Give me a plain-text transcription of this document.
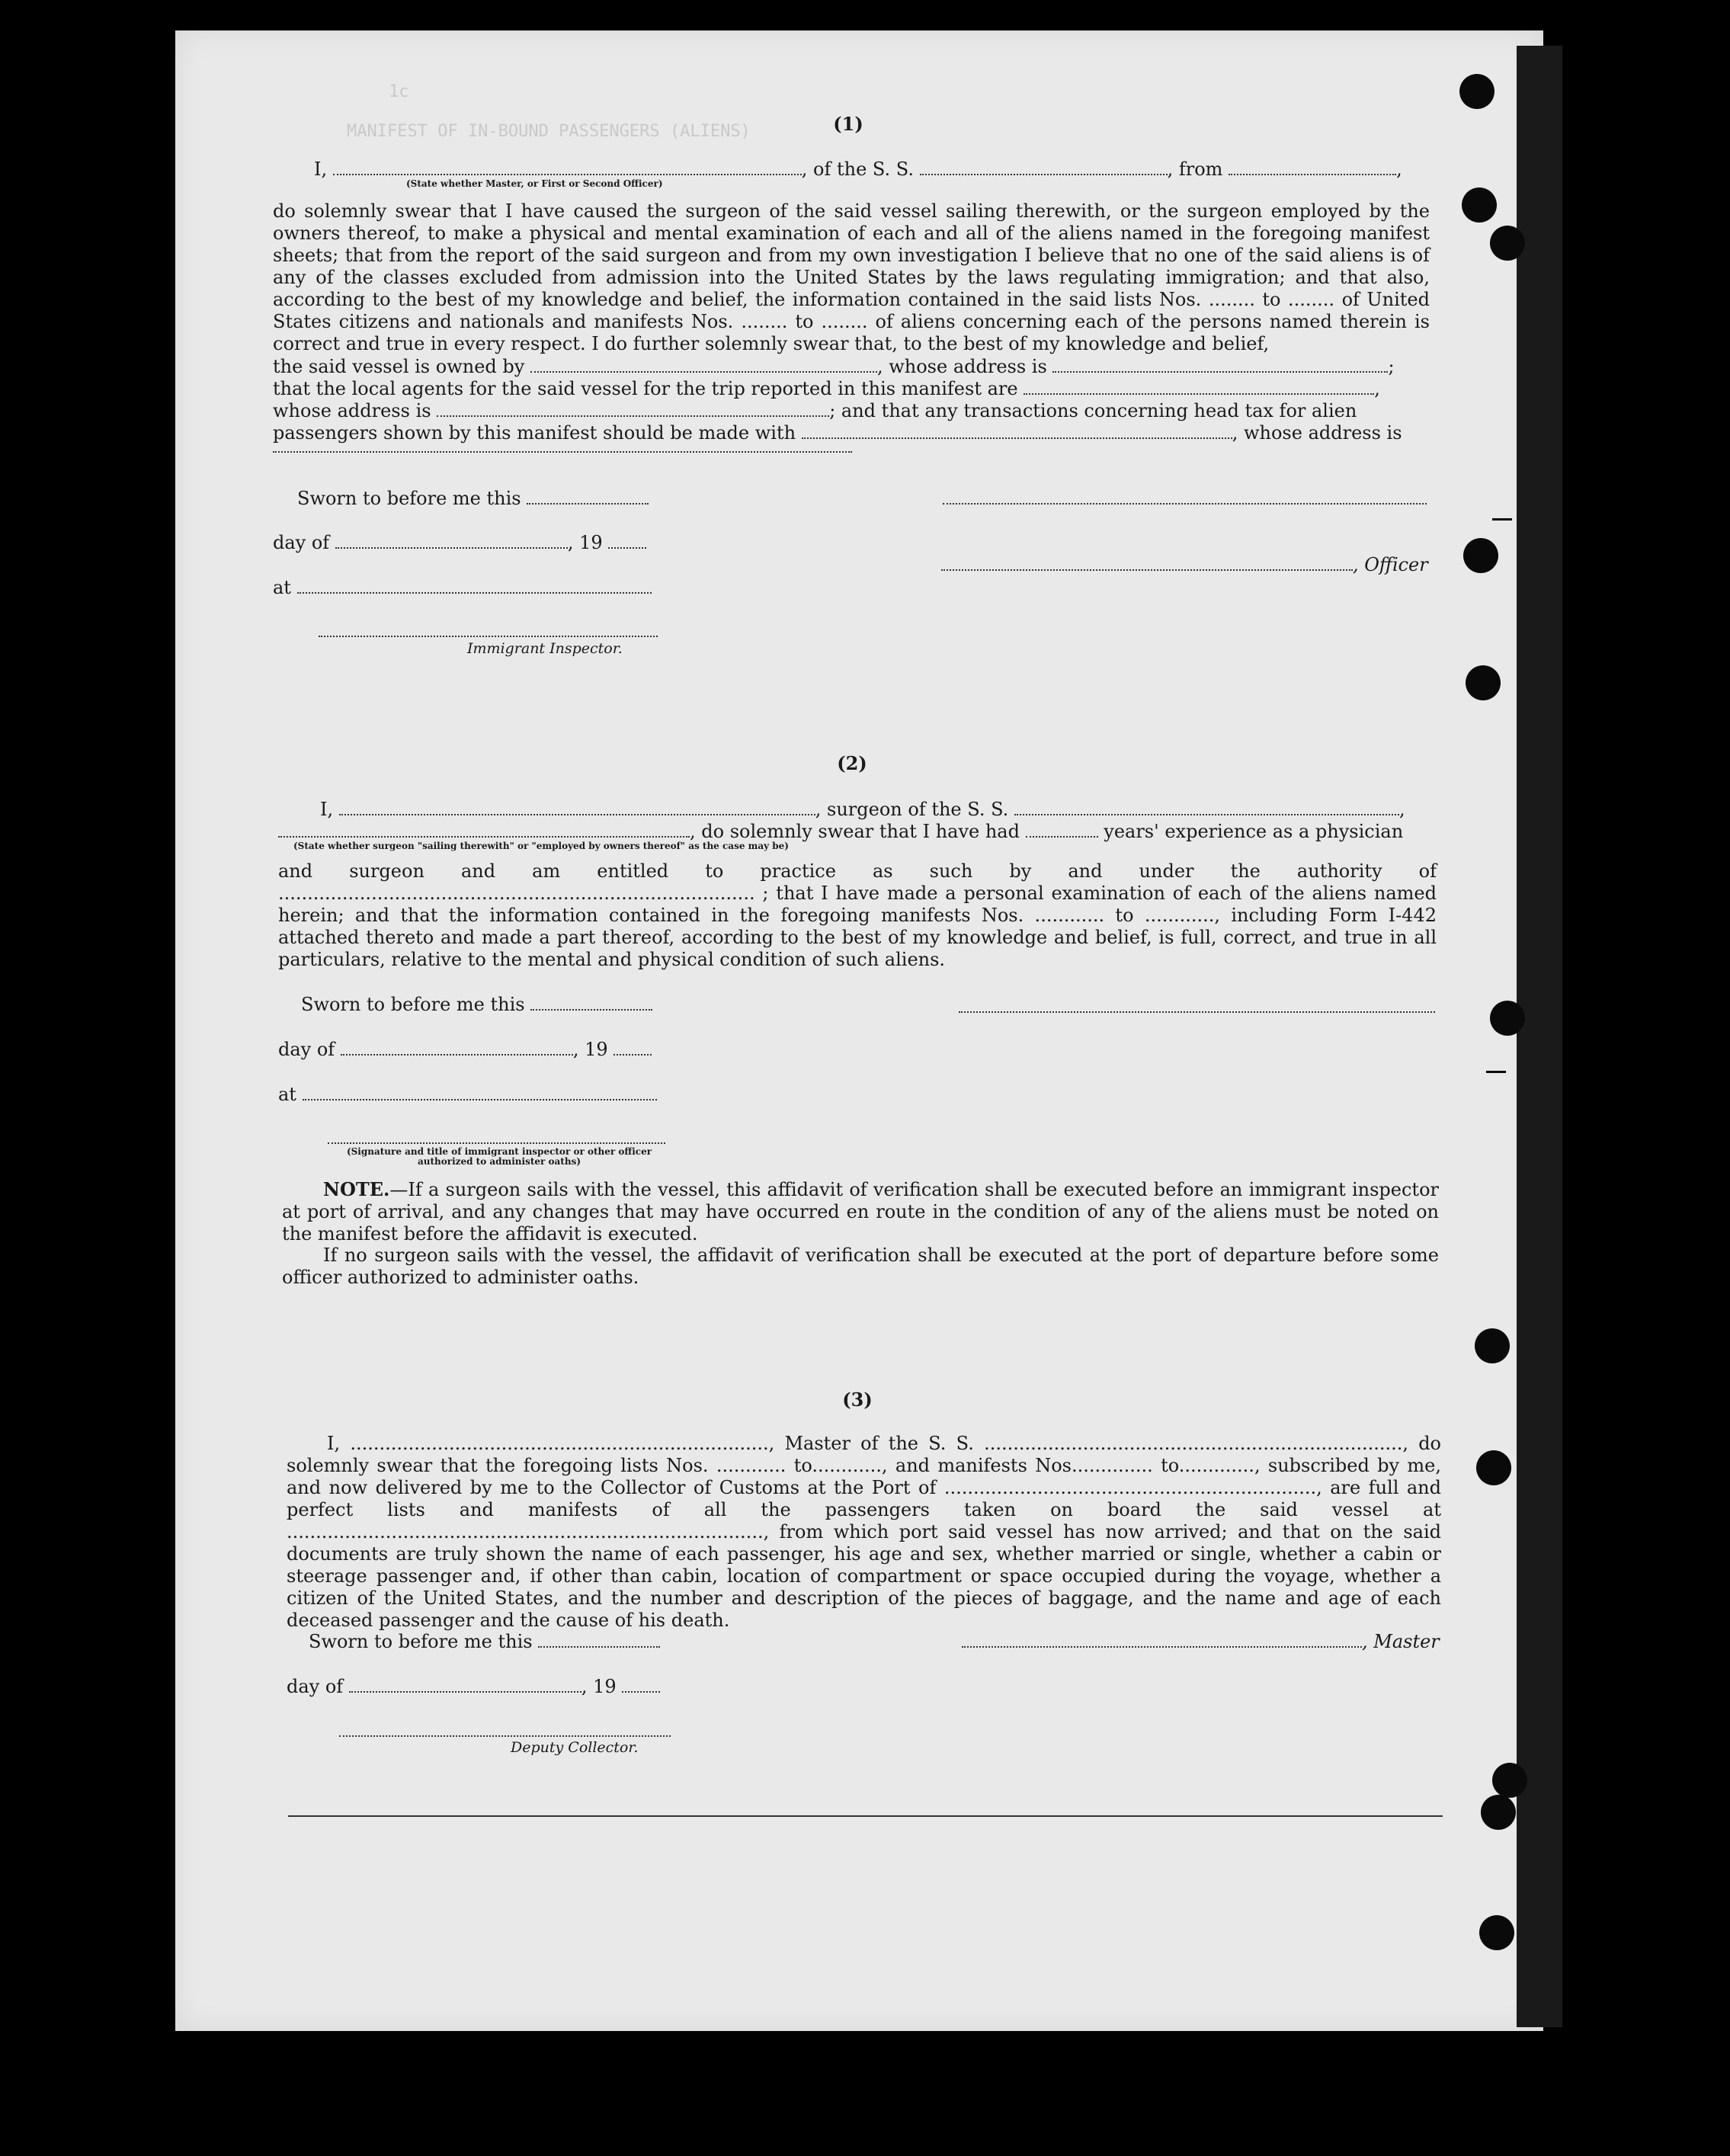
1c
MANIFEST OF IN-BOUND PASSENGERS (ALIENS)	(1)
I,	, of the S. S.	, from	,
(State whether Master, or First or Second Officer)
do solemnly swear that I have caused the surgeon of the said vessel sailing therewith, or the surgeon employed by the owners thereof, to make a physical and mental examination of each and all of the aliens named in the foregoing manifest sheets; that from the report of the said surgeon and from my own investigation I believe that no one of the said aliens is of any of the classes excluded from admission into the United States by the laws regulating immigration; and that also, according to the best of my knowledge and belief, the information contained in the said lists Nos. ........ to ........ of United States citizens and nationals and manifests Nos. ........ to ........ of aliens concerning each of the persons named therein is correct and true in every respect. I do further solemnly swear that, to the best of my knowledge and belief,
the said vessel is owned by	, whose address is	;
that the local agents for the said vessel for the trip reported in this manifest are	,
whose address is	; and that any transactions concerning head tax for alien
passengers shown by this manifest should be made with	, whose address is
Sworn to before me this
day of	, 19
at
Immigrant Inspector.
, Officer
(2)
I,	, surgeon of the S. S.	,
, do solemnly swear that I have had	years' experience as a physician
(State whether surgeon "sailing therewith" or "employed by owners thereof" as the case may be)
and surgeon and am entitled to practice as such by and under the authority of .................................................................................. ; that I have made a personal examination of each of the aliens named herein; and that the information contained in the foregoing manifests Nos. ............ to ............, including Form I-442 attached thereto and made a part thereof, according to the best of my knowledge and belief, is full, correct, and true in all particulars, relative to the mental and physical condition of such aliens.
Sworn to before me this
day of	, 19
at
(Signature and title of immigrant inspector or other officer authorized to administer oaths)
NOTE.—If a surgeon sails with the vessel, this affidavit of verification shall be executed before an immigrant inspector at port of arrival, and any changes that may have occurred en route in the condition of any of the aliens must be noted on the manifest before the affidavit is executed.
If no surgeon sails with the vessel, the affidavit of verification shall be executed at the port of departure before some officer authorized to administer oaths.
(3)
I, ........................................................................, Master of the S. S. ........................................................................, do solemnly swear that the foregoing lists Nos. ............ to............, and manifests Nos.............. to............., subscribed by me, and now delivered by me to the Collector of Customs at the Port of ................................................................, are full and perfect lists and manifests of all the passengers taken on board the said vessel at .................................................................................., from which port said vessel has now arrived; and that on the said documents are truly shown the name of each passenger, his age and sex, whether married or single, whether a cabin or steerage passenger and, if other than cabin, location of compartment or space occupied during the voyage, whether a citizen of the United States, and the number and description of the pieces of baggage, and the name and age of each deceased passenger and the cause of his death.
Sworn to before me this
day of	, 19
, Master
Deputy Collector.
